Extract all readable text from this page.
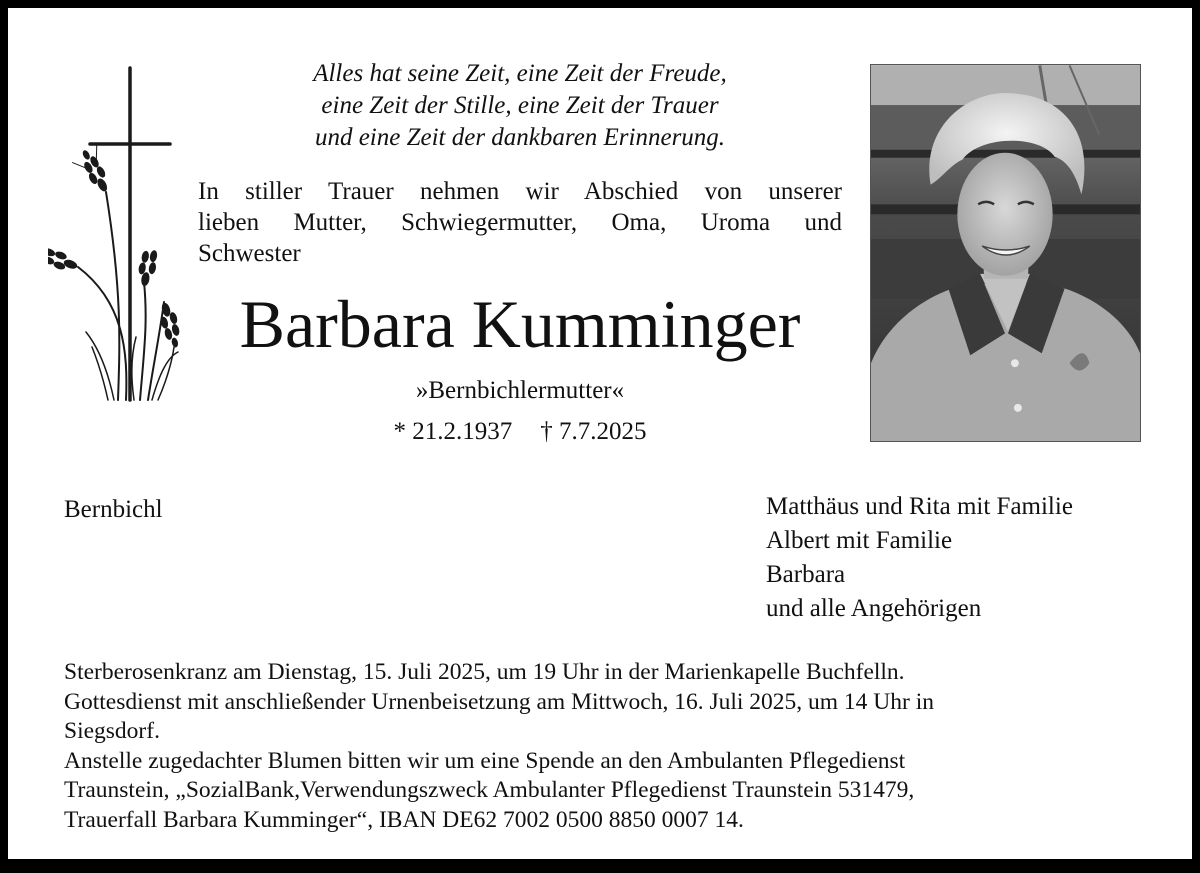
Alles hat seine Zeit, eine Zeit der Freude,
eine Zeit der Stille, eine Zeit der Trauer
und eine Zeit der dankbaren Erinnerung.
In stiller Trauer nehmen wir Abschied von unserer
lieben Mutter, Schwiegermutter, Oma, Uroma und
Schwester
Barbara Kumminger
»Bernbichlermutter«
* 21.2.1937 † 7.7.2025
Bernbichl	Matthäus und Rita mit Familie
Albert mit Familie
Barbara
und alle Angehörigen
Sterberosenkranz am Dienstag, 15. Juli 2025, um 19 Uhr in der Marienkapelle Buchfelln.
Gottesdienst mit anschließender Urnenbeisetzung am Mittwoch, 16. Juli 2025, um 14 Uhr in
Siegsdorf.
Anstelle zugedachter Blumen bitten wir um eine Spende an den Ambulanten Pflegedienst
Traunstein, „SozialBank,Verwendungszweck Ambulanter Pflegedienst Traunstein 531479,
Trauerfall Barbara Kumminger“, IBAN DE62 7002 0500 8850 0007 14.
